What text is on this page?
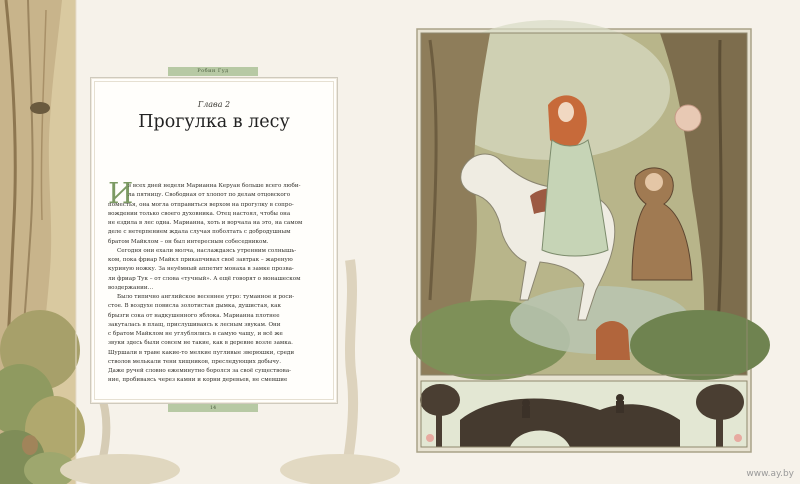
Робин Гуд
Глава 2
Прогулка в лесу
И
з всех дней недели Марианна Керуан больше всего люби-
ла пятницу. Свободная от хлопот по делам отцовского
поместья, она могла отправиться верхом на прогулку в сопро-
вождении только своего духовника. Отец настоял, чтобы она
не ездила в лес одна. Марианна, хоть и ворчала на это, на самом
деле с нетерпением ждала случая поболтать с добродушным
братом Майклом – он был интересным собеседником.
Сегодня они ехали молча, наслаждаясь утренним солнышь-
ком, пока фриар Майкл прикапчивал своё завтрак – жареную
куриную ножку. За неуёмный аппетит монаха в замке прозва-
ли фриар Тук – от слова «тучный». А ещё говорят о монашеском
воздержании…
Было типично английское весеннее утро: туманное и роси-
стое. В воздухе повисла золотистая дымка, душистая, как
брызги сока от надкушенного яблока. Марианна плотнее
закуталась в плащ, прислушиваясь к лесным звукам. Они
с братом Майклом не углублялись в самую чащу, и всё же
звуки здесь были совсем не такие, как в деревне возле замка.
Шуршали в траве какие-то мелкие пугливые зверюшки, среди
стволов мелькали тени хищников, преследующих добычу.
Даже ручей словно ежеминутно боролся за своё существова-
ние, пробиваясь через камни и корни деревьев, не смевшие
14
www.ay.by
